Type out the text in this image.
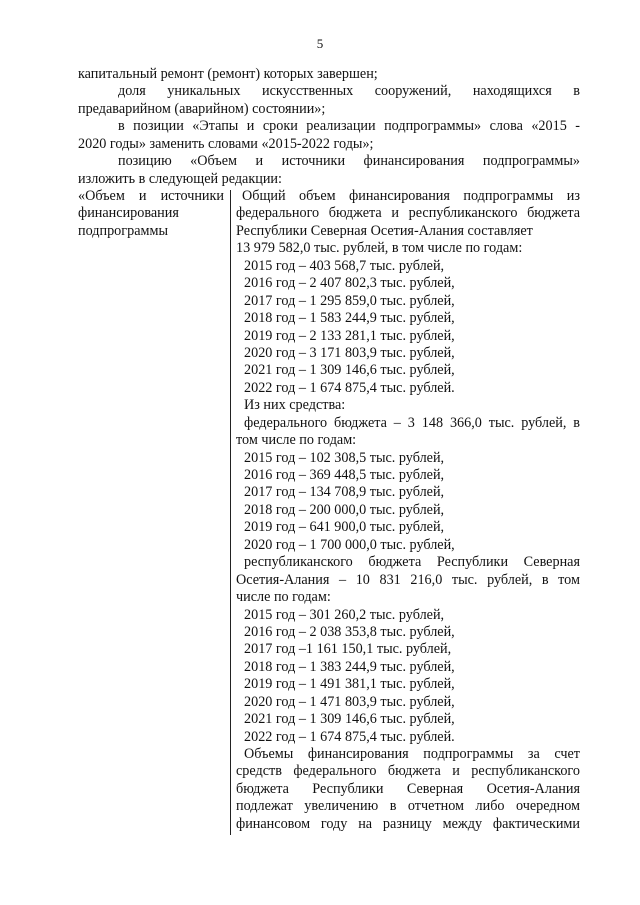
5
капитальный ремонт (ремонт) которых завершен;
доля уникальных искусственных сооружений, находящихся в
предаварийном (аварийном) состоянии»;
в позиции «Этапы и сроки реализации подпрограммы» слова «2015 -
2020 годы» заменить словами «2015-2022 годы»;
позицию «Объем и источники финансирования подпрограммы»
изложить в следующей редакции:
«Объем и источники
финансирования
подпрограммы
Общий объем финансирования подпрограммы из
федерального бюджета и республиканского бюджета
Республики Северная Осетия-Алания составляет
13 979 582,0 тыс. рублей, в том числе по годам:
2015 год – 403 568,7 тыс. рублей,
2016 год – 2 407 802,3 тыс. рублей,
2017 год – 1 295 859,0 тыс. рублей,
2018 год – 1 583 244,9 тыс. рублей,
2019 год – 2 133 281,1 тыс. рублей,
2020 год – 3 171 803,9 тыс. рублей,
2021 год – 1 309 146,6 тыс. рублей,
2022 год – 1 674 875,4 тыс. рублей.
Из них средства:
федерального бюджета – 3 148 366,0 тыс. рублей, в
том числе по годам:
2015 год – 102 308,5 тыс. рублей,
2016 год – 369 448,5 тыс. рублей,
2017 год – 134 708,9 тыс. рублей,
2018 год – 200 000,0 тыс. рублей,
2019 год – 641 900,0 тыс. рублей,
2020 год – 1 700 000,0 тыс. рублей,
республиканского бюджета Республики Северная
Осетия-Алания – 10 831 216,0 тыс. рублей, в том
числе по годам:
2015 год – 301 260,2 тыс. рублей,
2016 год – 2 038 353,8 тыс. рублей,
2017 год –1 161 150,1 тыс. рублей,
2018 год – 1 383 244,9 тыс. рублей,
2019 год – 1 491 381,1 тыс. рублей,
2020 год – 1 471 803,9 тыс. рублей,
2021 год – 1 309 146,6 тыс. рублей,
2022 год – 1 674 875,4 тыс. рублей.
Объемы финансирования подпрограммы за счет
средств федерального бюджета и республиканского
бюджета Республики Северная Осетия-Алания
подлежат увеличению в отчетном либо очередном
финансовом году на разницу между фактическими
